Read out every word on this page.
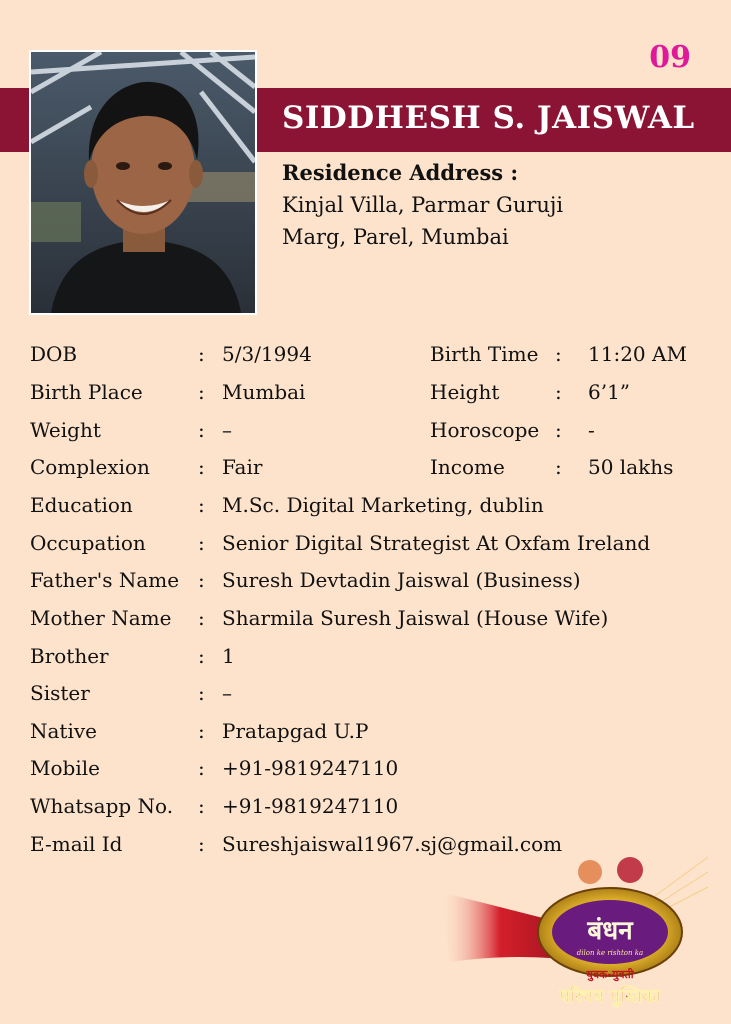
09
SIDDHESH S. JAISWAL
Residence Address :
Kinjal Villa, Parmar Guruji
Marg, Parel, Mumbai
DOB	: 5/3/1994	Birth Time : 11:20 AM
Birth Place	: Mumbai	Height	: 6’1”
Weight	: –	Horoscope : -
Complexion : Fair	Income	: 50 lakhs
Education	: M.Sc. Digital Marketing, dublin
Occupation	: Senior Digital Strategist At Oxfam Ireland
Father's Name : Suresh Devtadin Jaiswal (Business)
Mother Name : Sharmila Suresh Jaiswal (House Wife)
Brother	: 1
Sister	: –
Native	: Pratapgad U.P
Mobile	: +91-9819247110
Whatsapp No. : +91-9819247110
E-mail Id	: Sureshjaiswal1967.sj@gmail.com
बंधन
dilon ke rishton ka
युवक-युवती
परिचय पुस्तिका
